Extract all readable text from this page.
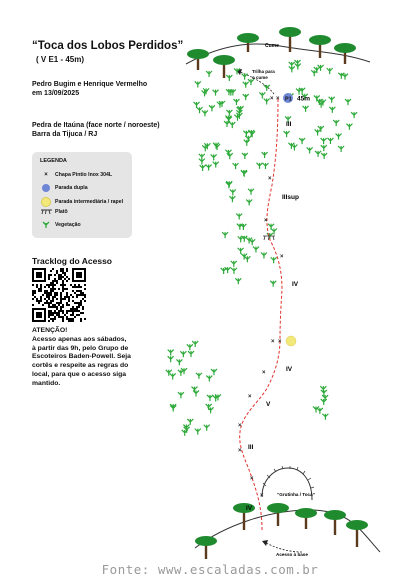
“Toca dos Lobos Perdidos”
( V E1 - 45m)
Pedro Bugim e Henrique Vermelho
em 13/09/2025
Pedra de Itaúna (face norte / noroeste)
Barra da Tijuca / RJ
LEGENDA
×	Chapa Pintio Inox 304L
Parada dupla
Parada intermediária / rapel
Platô
Vegetação
Tracklog do Acesso
ATENÇÃO!
Acesso apenas aos sábados, à partir das 9h, pelo Grupo de Escoteiros Baden-Powell. Seja cortês e respeite as regras do local, para que o acesso siga mantido.
Cume
Trilha para
o cume
“Grutinha / Toca”
Acesso à base
×
×
×
×
×
×
×
×
×
×
×
×
×
P1 45m
III
IIIsup
IV
IV
V
III
IV
Fonte: www.escaladas.com.br
